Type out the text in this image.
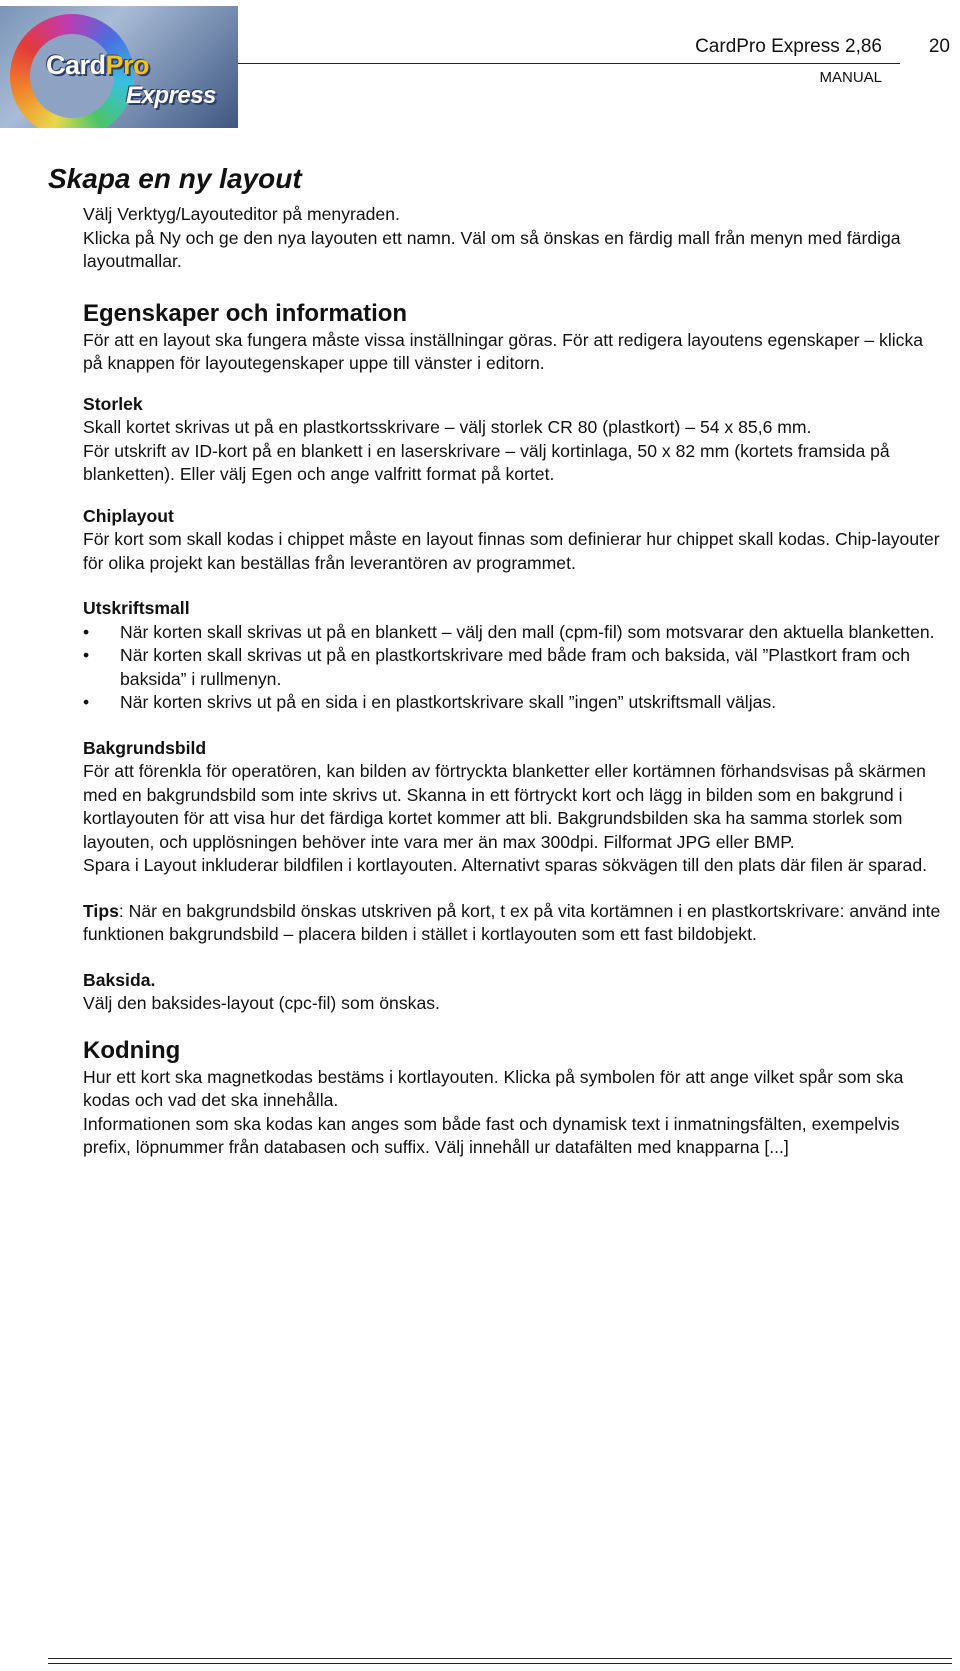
CardPro
Express
CardPro Express 2,86 20
MANUAL
Skapa en ny layout

Välj Verktyg/Layouteditor på menyraden.

Klicka på Ny och ge den nya layouten ett namn. Väl om så önskas en färdig mall från menyn med färdiga layoutmallar.

Egenskaper och information

För att en layout ska fungera måste vissa inställningar göras. För att redigera layoutens egenskaper – klicka på knappen för layoutegenskaper uppe till vänster i editorn.

Storlek

Skall kortet skrivas ut på en plastkortsskrivare – välj storlek CR 80 (plastkort) – 54 x 85,6 mm.

För utskrift av ID-kort på en blankett i en laserskrivare – välj kortinlaga, 50 x 82 mm (kortets framsida på blanketten). Eller välj Egen och ange valfritt format på kortet.

Chiplayout

För kort som skall kodas i chippet måste en layout finnas som definierar hur chippet skall kodas. Chip-layouter för olika projekt kan beställas från leverantören av programmet.

Utskriftsmall

•	När korten skall skrivas ut på en blankett – välj den mall (cpm-fil) som motsvarar den aktuella blanketten.
•	När korten skall skrivas ut på en plastkortskrivare med både fram och baksida, väl ”Plastkort fram och baksida” i rullmenyn.
•	När korten skrivs ut på en sida i en plastkortskrivare skall ”ingen” utskriftsmall väljas.

Bakgrundsbild

För att förenkla för operatören, kan bilden av förtryckta blanketter eller kortämnen förhandsvisas på skärmen med en bakgrundsbild som inte skrivs ut. Skanna in ett förtryckt kort och lägg in bilden som en bakgrund i kortlayouten för att visa hur det färdiga kortet kommer att bli. Bakgrundsbilden ska ha samma storlek som layouten, och upplösningen behöver inte vara mer än max 300dpi. Filformat JPG eller BMP.

Spara i Layout inkluderar bildfilen i kortlayouten. Alternativt sparas sökvägen till den plats där filen är sparad.

Tips: När en bakgrundsbild önskas utskriven på kort, t ex på vita kortämnen i en plastkortskrivare: använd inte funktionen bakgrundsbild – placera bilden i stället i kortlayouten som ett fast bildobjekt.

Baksida.

Välj den baksides-layout (cpc-fil) som önskas.

Kodning

Hur ett kort ska magnetkodas bestäms i kortlayouten. Klicka på symbolen för att ange vilket spår som ska kodas och vad det ska innehålla.

Informationen som ska kodas kan anges som både fast och dynamisk text i inmatningsfälten, exempelvis prefix, löpnummer från databasen och suffix. Välj innehåll ur datafälten med knapparna [...]
